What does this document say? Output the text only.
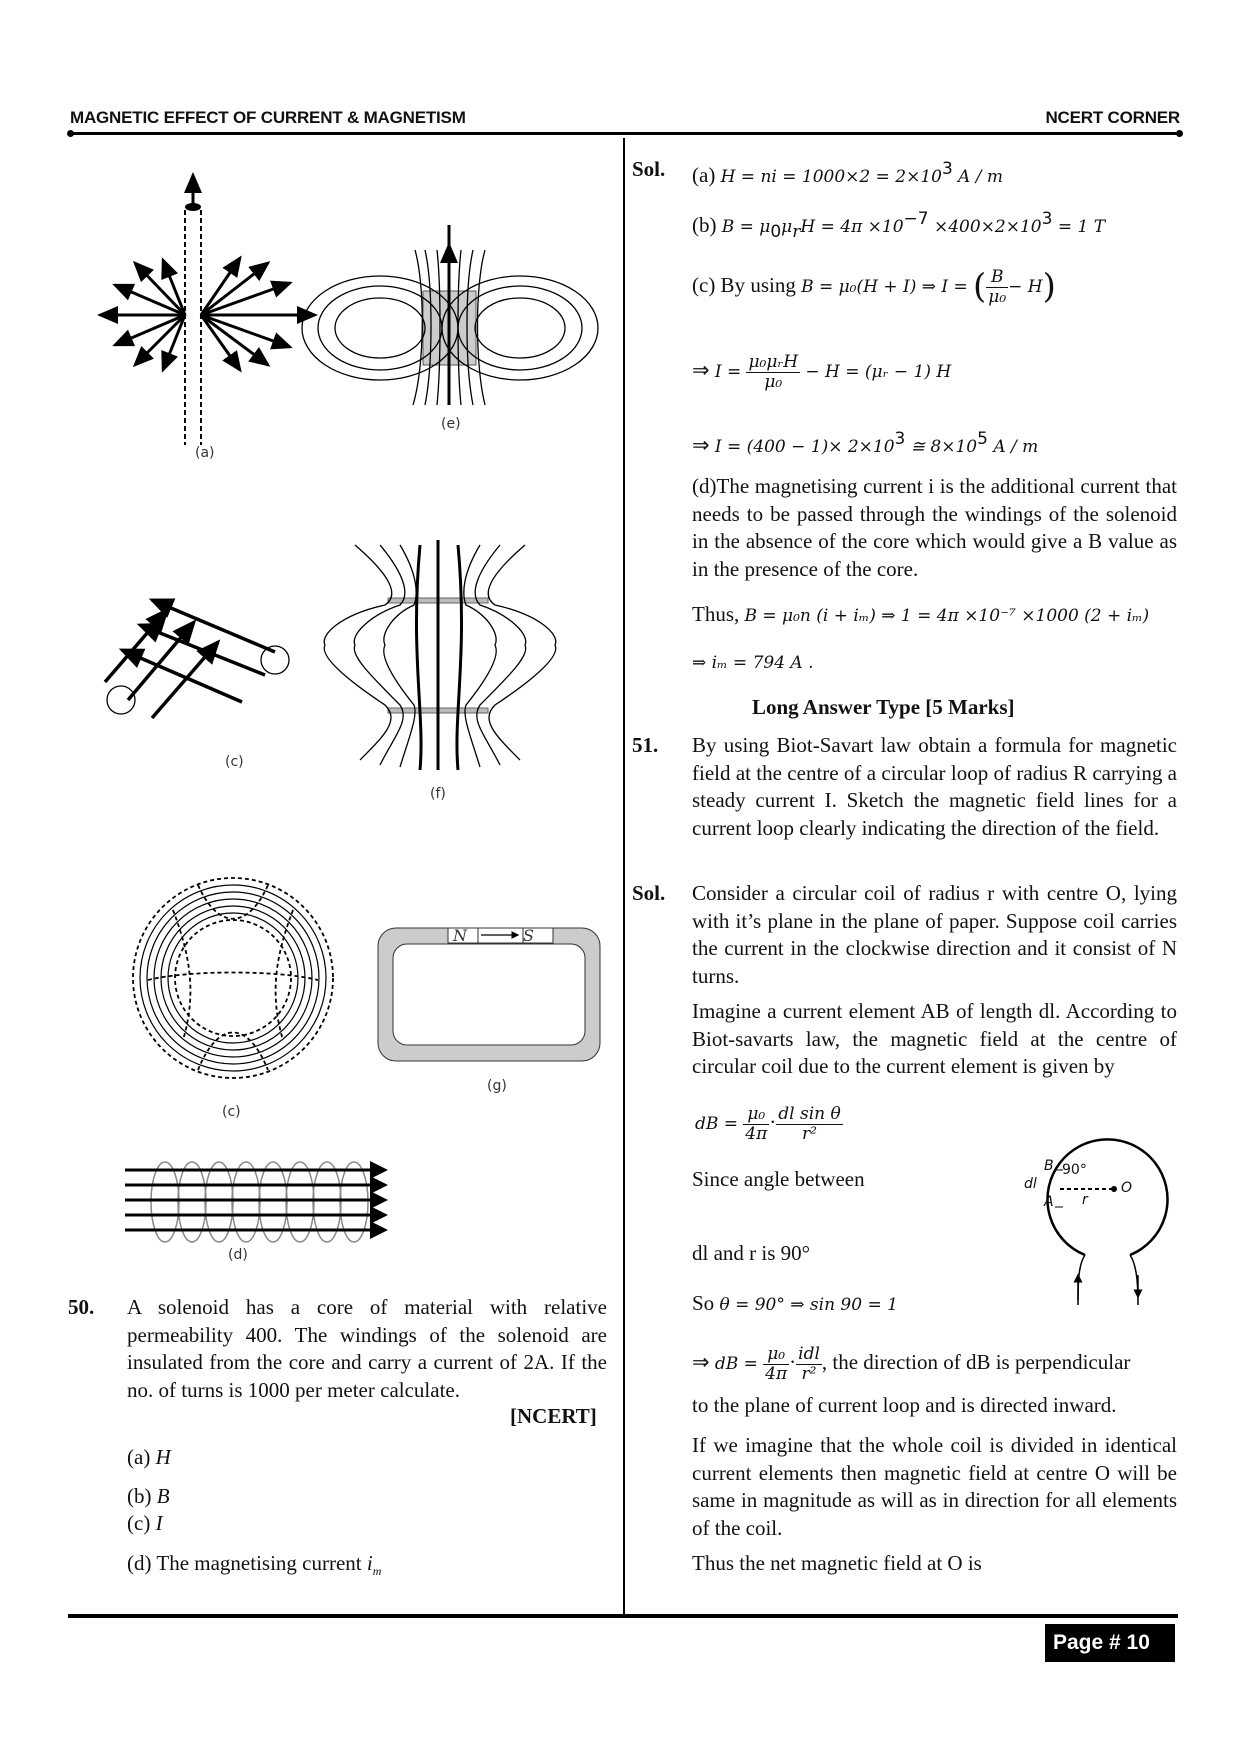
MAGNETIC EFFECT OF CURRENT & MAGNETISM	NCERT CORNER
(a)
(e)
(c)
(f)
(c)
N	S
(g)
(d)
50. A solenoid has a core of material with relative permeability 400. The windings of the solenoid are insulated from the core and carry a current of 2A. If the no. of turns is 1000 per meter calculate.
[NCERT]
(a) H
(b) B
(c) I
(d) The magnetising current $i_m$
Sol. (a) H = ni = $1000\times 2 = 2\times 10^3$ A / m
(b) $B = \mu_0\mu_rH = 4\pi \times 10^{-7} \times 400\times 2\times 10^3 = 1$ T
(c) By using B = μ₀(H + I) ⇒ I = ( $\frac{B}{\text{μ₀}} - H$)
⇒ $I = \frac{\text{μ₀μᵣH}}{\text{μ₀}} - H$ = (μᵣ − 1) H
⇒ $I = (400 - 1)\times 2\times 10^3$ ≅ $8\times 10^5$ A / m
(d)The magnetising current i is the additional current that needs to be passed through the windings of the solenoid in the absence of the core which would give a B value as in the presence of the core.
Thus, B = μ₀n (i + iₘ) ⇒ 1 = 4π ×10⁻⁷ ×1000 (2 + iₘ)
⇒ iₘ = 794 A .
Long Answer Type [5 Marks]
51. By using Biot-Savart law obtain a formula for magnetic field at the centre of a circular loop of radius R carrying a steady current I. Sketch the magnetic field lines for a current loop clearly indicating the direction of the field.
Sol. Consider a circular coil of radius r with centre O, lying with it’s plane in the plane of paper. Suppose coil carries the current in the clockwise direction and it consist of N turns.
Imagine a current element AB of length dl. According to Biot-savarts law, the magnetic field at the centre of circular coil due to the current element is given by
dB = $\frac{\text{μ₀}}{4\pi} \cdot \frac{\text{dl sin θ}}{\text{r²}}$
Since angle between
dl and r is 90°
So θ = 90° ⇒ sin 90 = 1
B 90°
dl
A r
O
⇒ dB = $\frac{\text{μ₀}}{4\pi} \cdot \frac{\text{idl}}{\text{r²}}$ , the direction of dB is perpendicular
to the plane of current loop and is directed inward.
If we imagine that the whole coil is divided in identical current elements then magnetic field at centre O will be same in magnitude as will as in direction for all elements of the coil.
Thus the net magnetic field at O is
Page # 10
